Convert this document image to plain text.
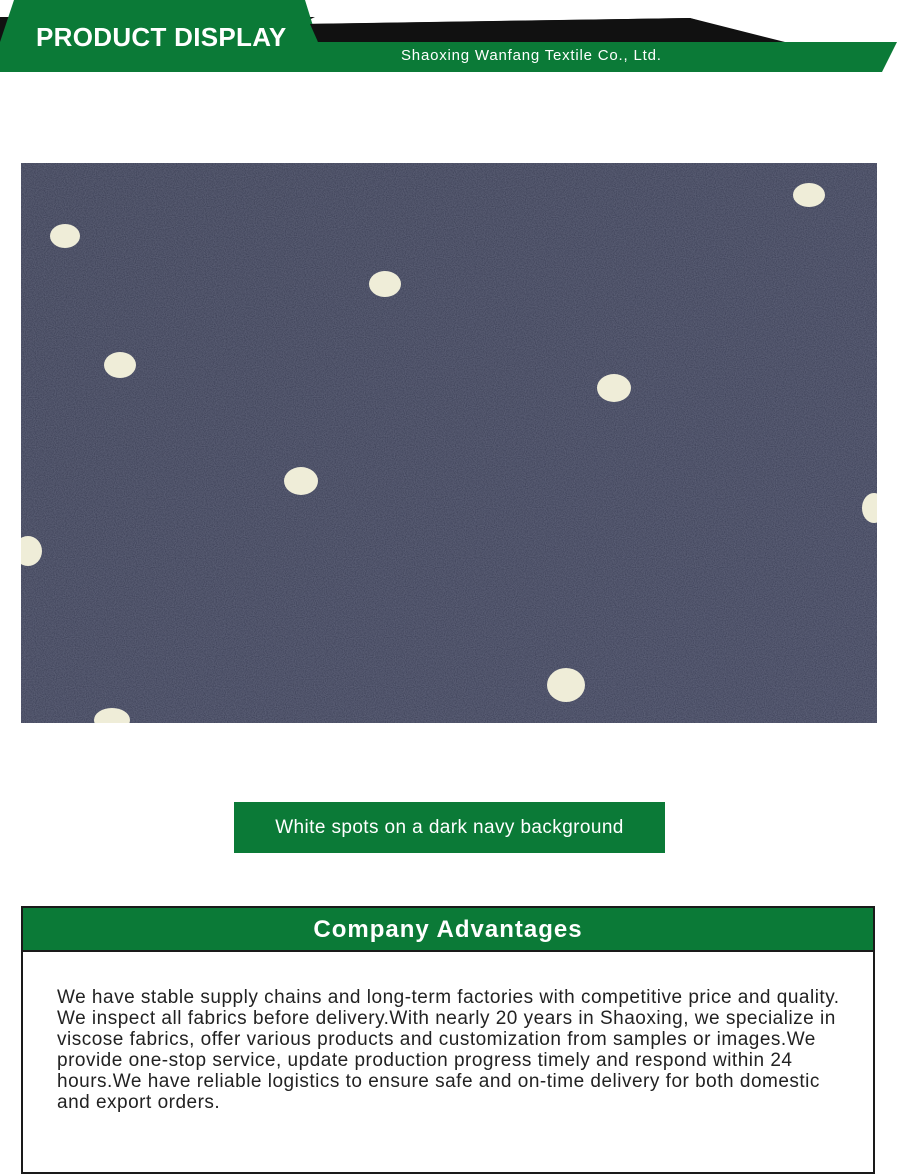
PRODUCT DISPLAY
Shaoxing Wanfang Textile Co., Ltd.
White spots on a dark navy background
Company Advantages
We have stable supply chains and long-term factories with competitive price and quality. We inspect all fabrics before delivery.With nearly 20 years in Shaoxing, we specialize in viscose fabrics, offer various products and customization from samples or images.We provide one-stop service, update production progress timely and respond within 24 hours.We have reliable logistics to ensure safe and on-time delivery for both domestic and export orders.
